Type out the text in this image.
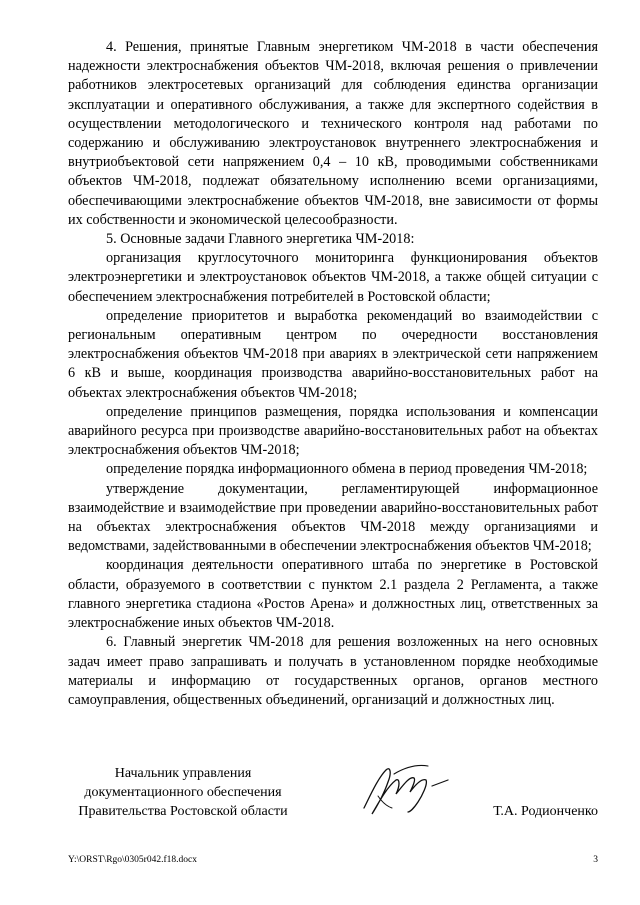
4. Решения, принятые Главным энергетиком ЧМ-2018 в части обеспечения надежности электроснабжения объектов ЧМ-2018, включая решения о привлечении работников электросетевых организаций для соблюдения единства организации эксплуатации и оперативного обслуживания, а также для экспертного содействия в осуществлении методологического и технического контроля над работами по содержанию и обслуживанию электроустановок внутреннего электроснабжения и внутриобъектовой сети напряжением 0,4 – 10 кВ, проводимыми собственниками объектов ЧМ-2018, подлежат обязательному исполнению всеми организациями, обеспечивающими электроснабжение объектов ЧМ-2018, вне зависимости от формы их собственности и экономической целесообразности.

5. Основные задачи Главного энергетика ЧМ-2018:

организация круглосуточного мониторинга функционирования объектов электроэнергетики и электроустановок объектов ЧМ-2018, а также общей ситуации с обеспечением электроснабжения потребителей в Ростовской области;

определение приоритетов и выработка рекомендаций во взаимодействии с региональным оперативным центром по очередности восстановления электроснабжения объектов ЧМ-2018 при авариях в электрической сети напряжением 6 кВ и выше, координация производства аварийно-восстановительных работ на объектах электроснабжения объектов ЧМ-2018;

определение принципов размещения, порядка использования и компенсации аварийного ресурса при производстве аварийно-восстановительных работ на объектах электроснабжения объектов ЧМ-2018;

определение порядка информационного обмена в период проведения ЧМ-2018;

утверждение документации, регламентирующей информационное взаимодействие и взаимодействие при проведении аварийно-восстановительных работ на объектах электроснабжения объектов ЧМ-2018 между организациями и ведомствами, задействованными в обеспечении электроснабжения объектов ЧМ-2018;

координация деятельности оперативного штаба по энергетике в Ростовской области, образуемого в соответствии с пунктом 2.1 раздела 2 Регламента, а также главного энергетика стадиона «Ростов Арена» и должностных лиц, ответственных за электроснабжение иных объектов ЧМ-2018.

6. Главный энергетик ЧМ-2018 для решения возложенных на него основных задач имеет право запрашивать и получать в установленном порядке необходимые материалы и информацию от государственных органов, органов местного самоуправления, общественных объединений, организаций и должностных лиц.

Начальник управления
документационного обеспечения
Правительства Ростовской области	Т.А. Родионченко
Y:\ORST\Rgo\0305r042.f18.docx	3
